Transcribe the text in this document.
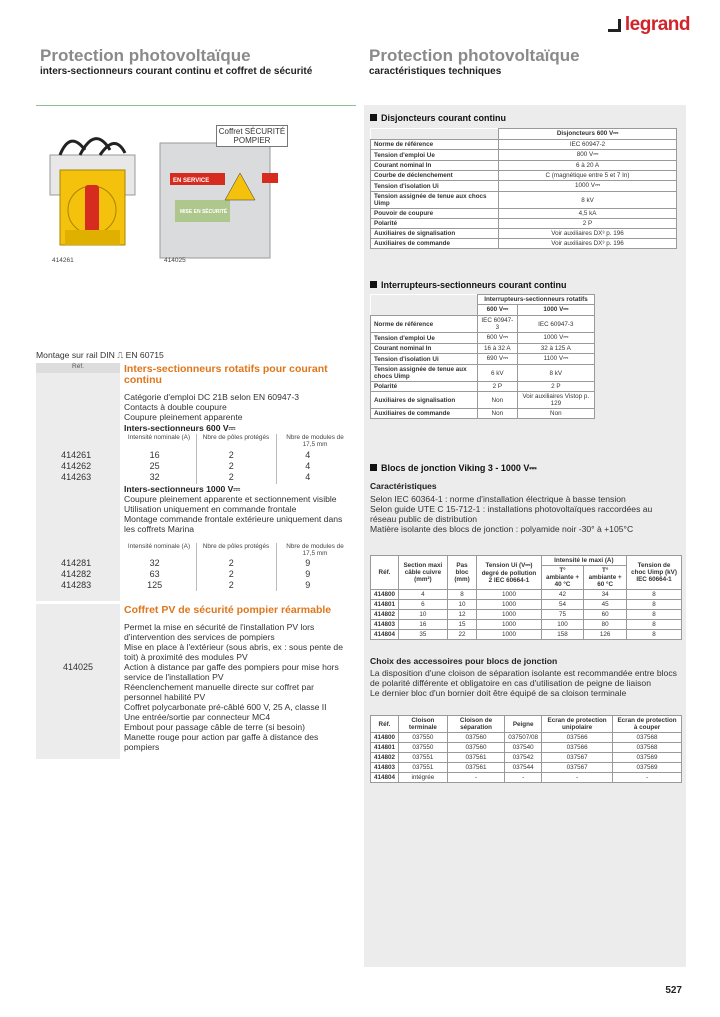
legrand
Protection photovoltaïque
inters-sectionneurs courant continu et coffret de sécurité
Protection photovoltaïque
caractéristiques techniques
EN SERVICE
MISE EN SÉCURITÉ
Coffret SÉCURITÉ POMPIER
414261	414025
Montage sur rail DIN ⎍ EN 60715
Réf.	Inters-sectionneurs rotatifs pour courant continu
Catégorie d'emploi DC 21B selon EN 60947-3
Contacts à double coupure
Coupure pleinement apparente
Inters-sectionneurs 600 V⎓
Intensité nominale (A)	Nbre de pôles protégés	Nbre de modules de 17,5 mm
414261	16	2	4
414262	25	2	4
414263	32	2	4
Inters-sectionneurs 1000 V⎓
Coupure pleinement apparente et sectionnement visible
Utilisation uniquement en commande frontale
Montage commande frontale extérieure uniquement dans les coffrets Marina
Intensité nominale (A)	Nbre de pôles protégés	Nbre de modules de 17,5 mm
414281	32	2	9
414282	63	2	9
414283	125	2	9
Coffret PV de sécurité pompier réarmable
414025
Permet la mise en sécurité de l'installation PV lors d'intervention des services de pompiers
Mise en place à l'extérieur (sous abris, ex : sous pente de toit) à proximité des modules PV
Action à distance par gaffe des pompiers pour mise hors service de l'installation PV
Réenclenchement manuelle directe sur coffret par personnel habilité PV
Coffret polycarbonate pré-câblé 600 V, 25 A, classe II
Une entrée/sortie par connecteur MC4
Embout pour passage câble de terre (si besoin)
Manette rouge pour action par gaffe à distance des pompiers
Disjoncteurs courant continu
	Disjoncteurs 600 V⎓
Norme de référence	IEC 60947-2
Tension d'emploi Ue	800 V⎓
Courant nominal In	6 à 20 A
Courbe de déclenchement	C (magnétique entre 5 et 7 In)
Tension d'isolation Ui	1000 V⎓
Tension assignée de tenue aux chocs Uimp	8 kV
Pouvoir de coupure	4,5 kA
Polarité	2 P
Auxiliaires de signalisation	Voir auxiliaires DX³ p. 196
Auxiliaires de commande	Voir auxiliaires DX³ p. 196
Interrupteurs-sectionneurs courant continu
	Interrupteurs-sectionneurs rotatifs	
	600 V⎓	1000 V⎓
Norme de référence	IEC 60947-3	IEC 60947-3
Tension d'emploi Ue	600 V⎓	1000 V⎓
Courant nominal In	16 à 32 A	32 à 125 A
Tension d'isolation Ui	690 V⎓	1100 V⎓
Tension assignée de tenue aux chocs Uimp	6 kV	8 kV
Polarité	2 P	2 P
Auxiliaires de signalisation	Non	Voir auxiliaires Vistop p. 129
Auxiliaires de commande	Non	Non
Blocs de jonction Viking 3 - 1000 V⎓
Caractéristiques
Selon IEC 60364-1 : norme d'installation électrique à basse tension
Selon guide UTE C 15-712-1 : installations photovoltaïques raccordées au réseau public de distribution
Matière isolante des blocs de jonction : polyamide noir -30° à +105°C
Réf.	Section maxi câble cuivre (mm²)	Pas bloc (mm)	Tension Ui (V⎓) degré de pollution 2 IEC 60664-1	Intensité le maxi (A)		Tension de choc Uimp (kV) IEC 60664-1
				T° ambiante + 40 °C	T° ambiante + 60 °C	
414800	4	8	1000	42	34	8
414801	6	10	1000	54	45	8
414802	10	12	1000	75	60	8
414803	16	15	1000	100	80	8
414804	35	22	1000	158	126	8
Choix des accessoires pour blocs de jonction
La disposition d'une cloison de séparation isolante est recommandée entre blocs de polarité différente et obligatoire en cas d'utilisation de peigne de liaison
Le dernier bloc d'un bornier doit être équipé de sa cloison terminale
Réf.	Cloison terminale	Cloison de séparation	Peigne	Ecran de protection unipolaire	Ecran de protection à couper
414800	037550	037560	037507/08	037566	037568
414801	037550	037560	037540	037566	037568
414802	037551	037561	037542	037567	037569
414803	037551	037561	037544	037567	037569
414804	intégrée	-	-	-	-
527
